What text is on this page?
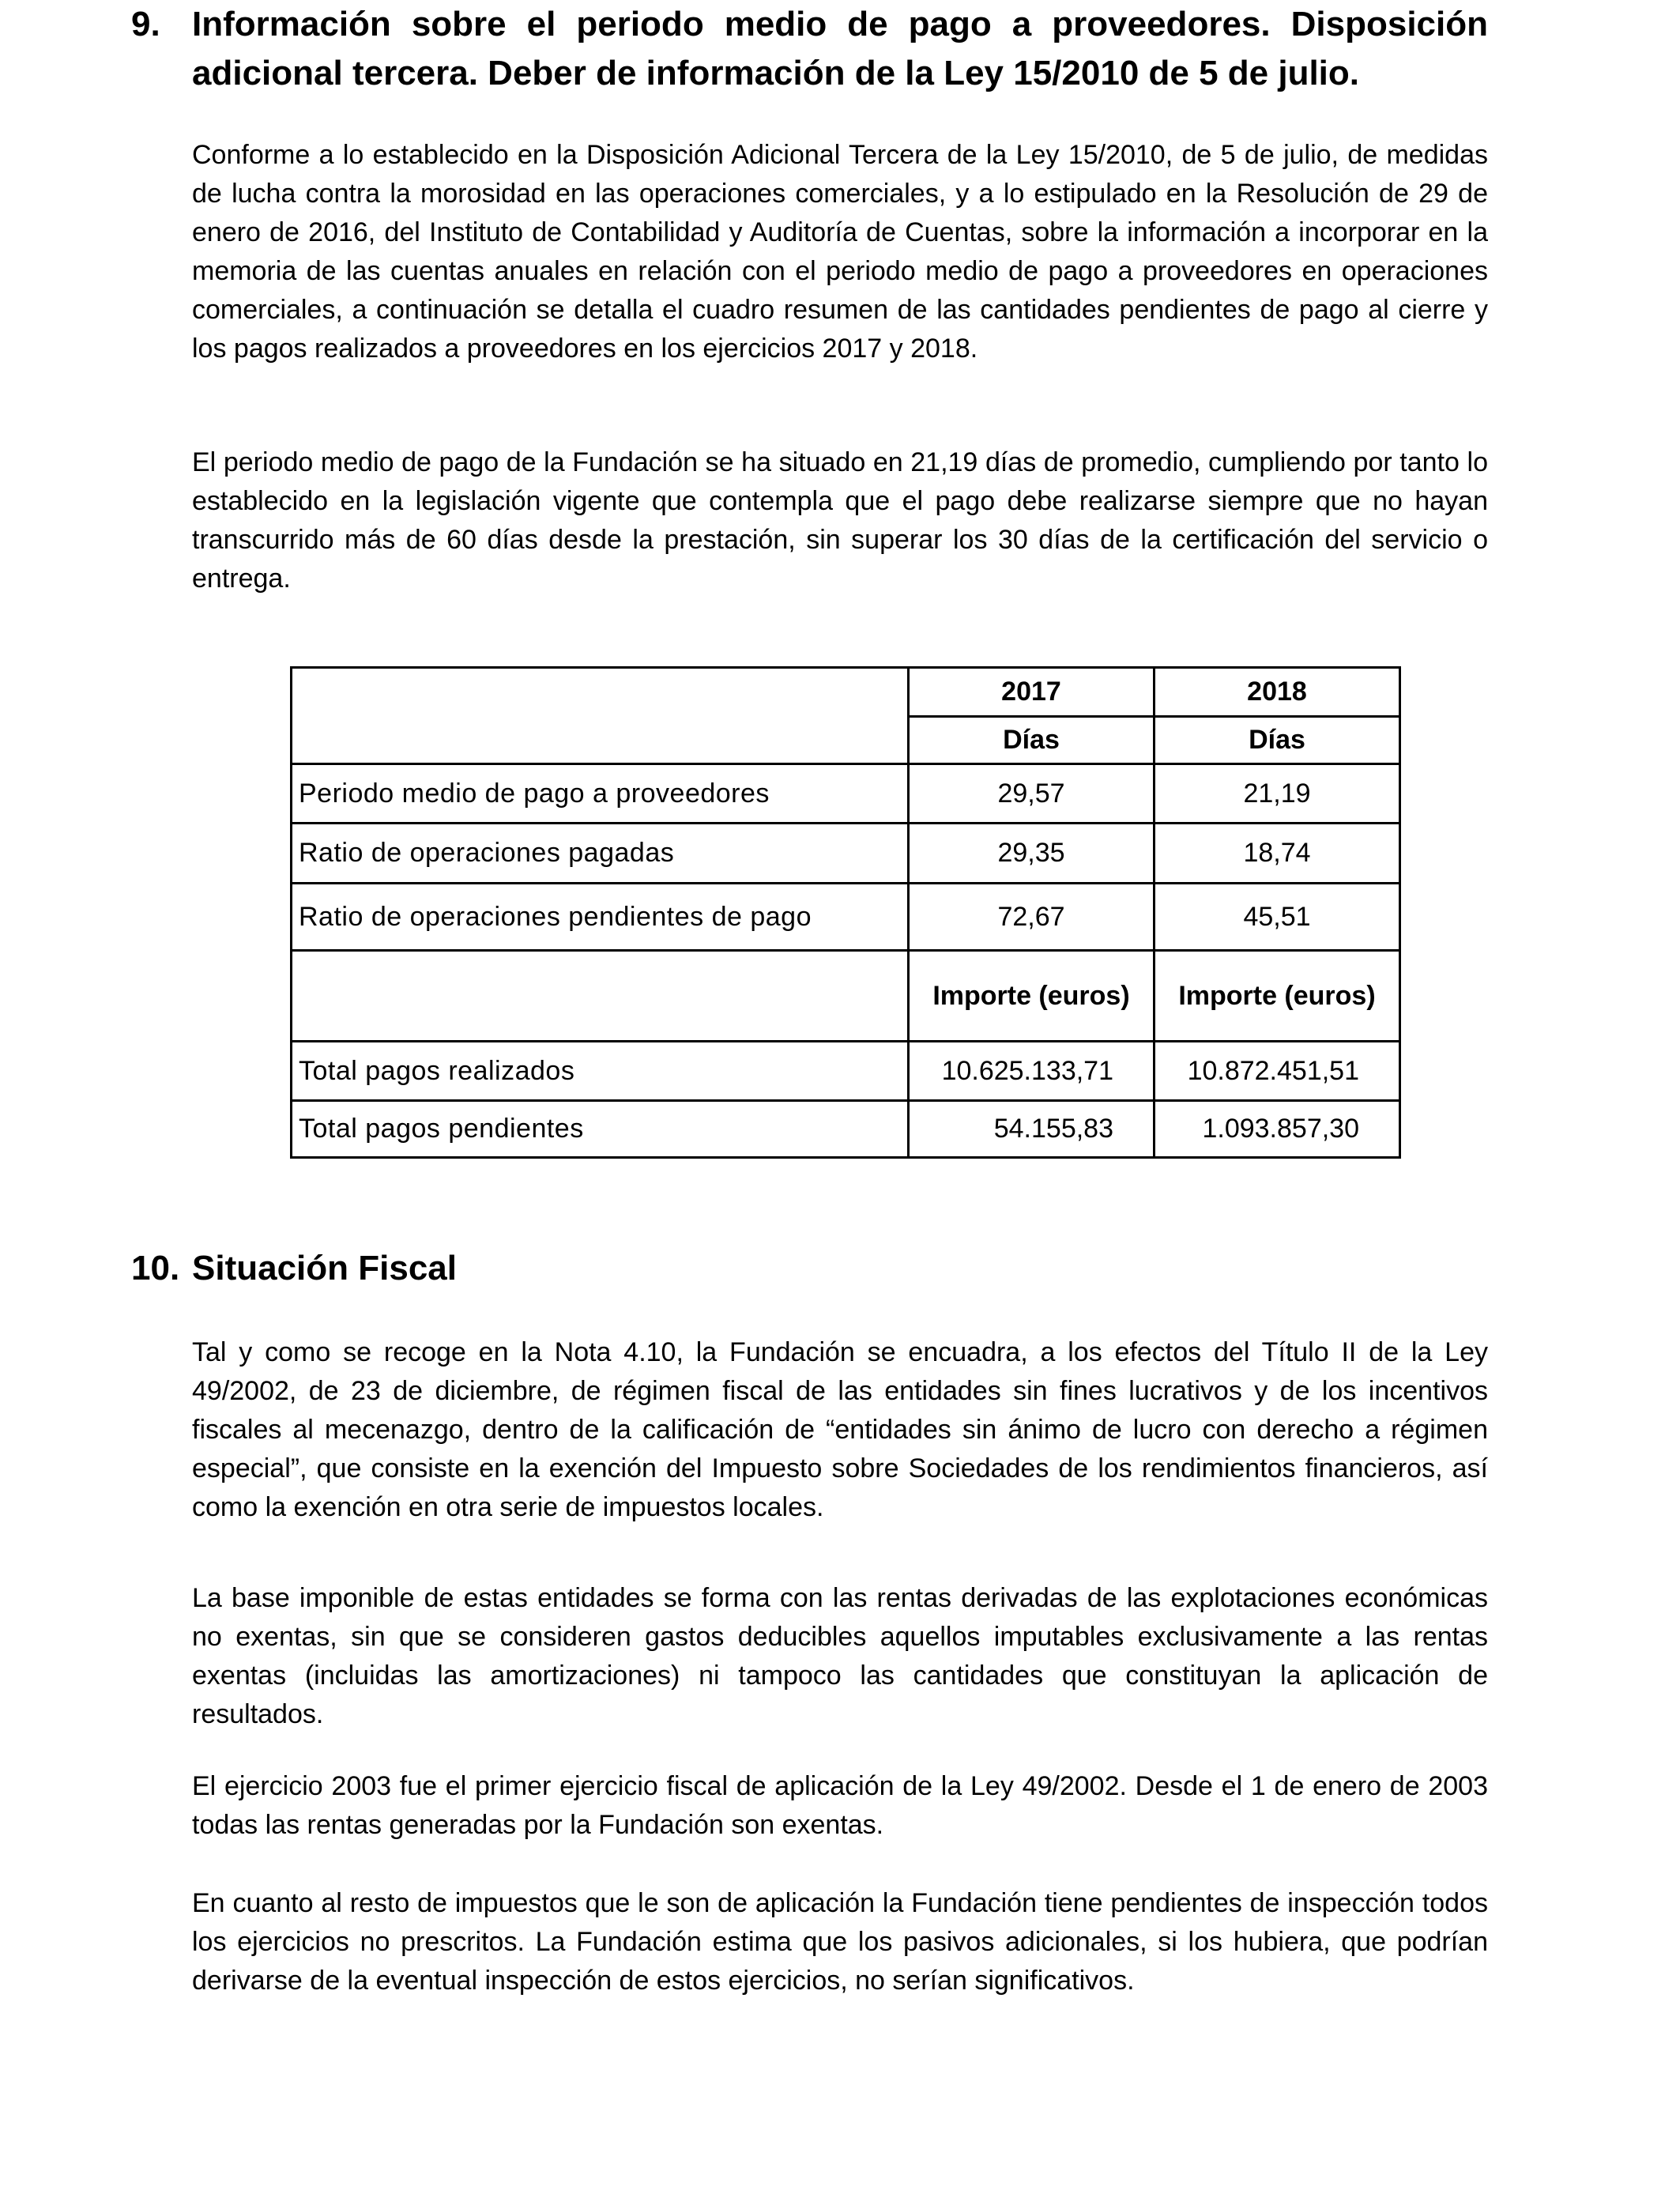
9. Información sobre el periodo medio de pago a proveedores. Disposición adicional tercera. Deber de información de la Ley 15/2010 de 5 de julio.

Conforme a lo establecido en la Disposición Adicional Tercera de la Ley 15/2010, de 5 de julio, de medidas de lucha contra la morosidad en las operaciones comerciales, y a lo estipulado en la Resolución de 29 de enero de 2016, del Instituto de Contabilidad y Auditoría de Cuentas, sobre la información a incorporar en la memoria de las cuentas anuales en relación con el periodo medio de pago a proveedores en operaciones comerciales, a continuación se detalla el cuadro resumen de las cantidades pendientes de pago al cierre y los pagos realizados a proveedores en los ejercicios 2017 y 2018.

El periodo medio de pago de la Fundación se ha situado en 21,19 días de promedio, cumpliendo por tanto lo establecido en la legislación vigente que contempla que el pago debe realizarse siempre que no hayan transcurrido más de 60 días desde la prestación, sin superar los 30 días de la certificación del servicio o entrega.

	2017	2018
	Días	Días
Periodo medio de pago a proveedores	29,57	21,19
Ratio de operaciones pagadas	29,35	18,74
Ratio de operaciones pendientes de pago	72,67	45,51
	Importe (euros)	Importe (euros)
Total pagos realizados	10.625.133,71	10.872.451,51
Total pagos pendientes	54.155,83	1.093.857,30
10. Situación Fiscal

Tal y como se recoge en la Nota 4.10, la Fundación se encuadra, a los efectos del Título II de la Ley 49/2002, de 23 de diciembre, de régimen fiscal de las entidades sin fines lucrativos y de los incentivos fiscales al mecenazgo, dentro de la calificación de “entidades sin ánimo de lucro con derecho a régimen especial”, que consiste en la exención del Impuesto sobre Sociedades de los rendimientos financieros, así como la exención en otra serie de impuestos locales.

La base imponible de estas entidades se forma con las rentas derivadas de las explotaciones económicas no exentas, sin que se consideren gastos deducibles aquellos imputables exclusivamente a las rentas exentas (incluidas las amortizaciones) ni tampoco las cantidades que constituyan la aplicación de resultados.

El ejercicio 2003 fue el primer ejercicio fiscal de aplicación de la Ley 49/2002. Desde el 1 de enero de 2003 todas las rentas generadas por la Fundación son exentas.

En cuanto al resto de impuestos que le son de aplicación la Fundación tiene pendientes de inspección todos los ejercicios no prescritos. La Fundación estima que los pasivos adicionales, si los hubiera, que podrían derivarse de la eventual inspección de estos ejercicios, no serían significativos.
